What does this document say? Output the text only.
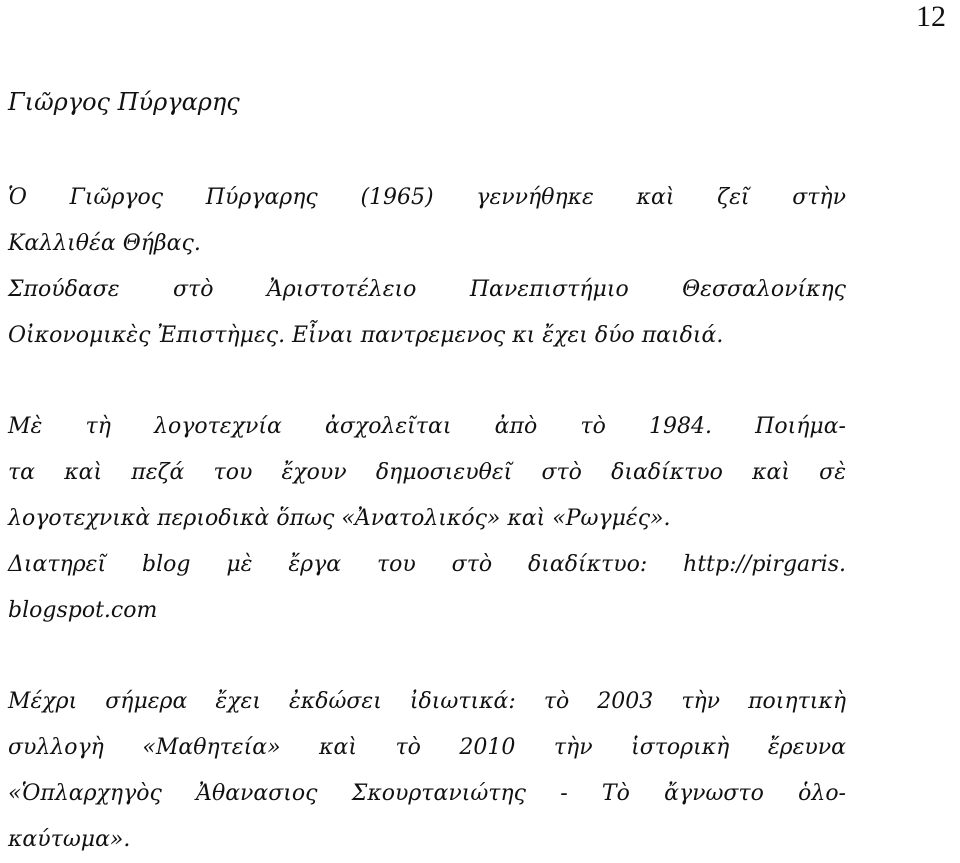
12
Γιῶργος Πύργαρης
Ὁ Γιῶργος Πύργαρης (1965) γεννήθηκε καὶ ζεῖ στὴν
Καλλιθέα Θήβας.
Σπούδασε στὸ Ἀριστοτέλειο Πανεπιστήμιο Θεσσαλονίκης
Οἰκονομικὲς Ἐπιστὴμες. Εἶναι παντρεμενος κι ἔχει δύο παιδιά.
Μὲ τὴ λογοτεχνία ἀσχολεῖται ἀπὸ τὸ 1984. Ποιήμα-
τα καὶ πεζά του ἔχουν δημοσιευθεῖ στὸ διαδίκτυο καὶ σὲ
λογοτεχνικὰ περιοδικὰ ὅπως «Ἀνατολικός» καὶ «Ρωγμές».
Διατηρεῖ blog μὲ ἔργα του στὸ διαδίκτυο: http://pirgaris.
blogspot.com
Μέχρι σήμερα ἔχει ἐκδώσει ἰδιωτικά: τὸ 2003 τὴν ποιητικὴ
συλλογὴ «Μαθητεία» καὶ τὸ 2010 τὴν ἱστορικὴ ἔρευνα
«Ὁπλαρχηγὸς Ἀθανασιος Σκουρτανιώτης - Τὸ ἄγνωστο ὁλο-
καύτωμα».
